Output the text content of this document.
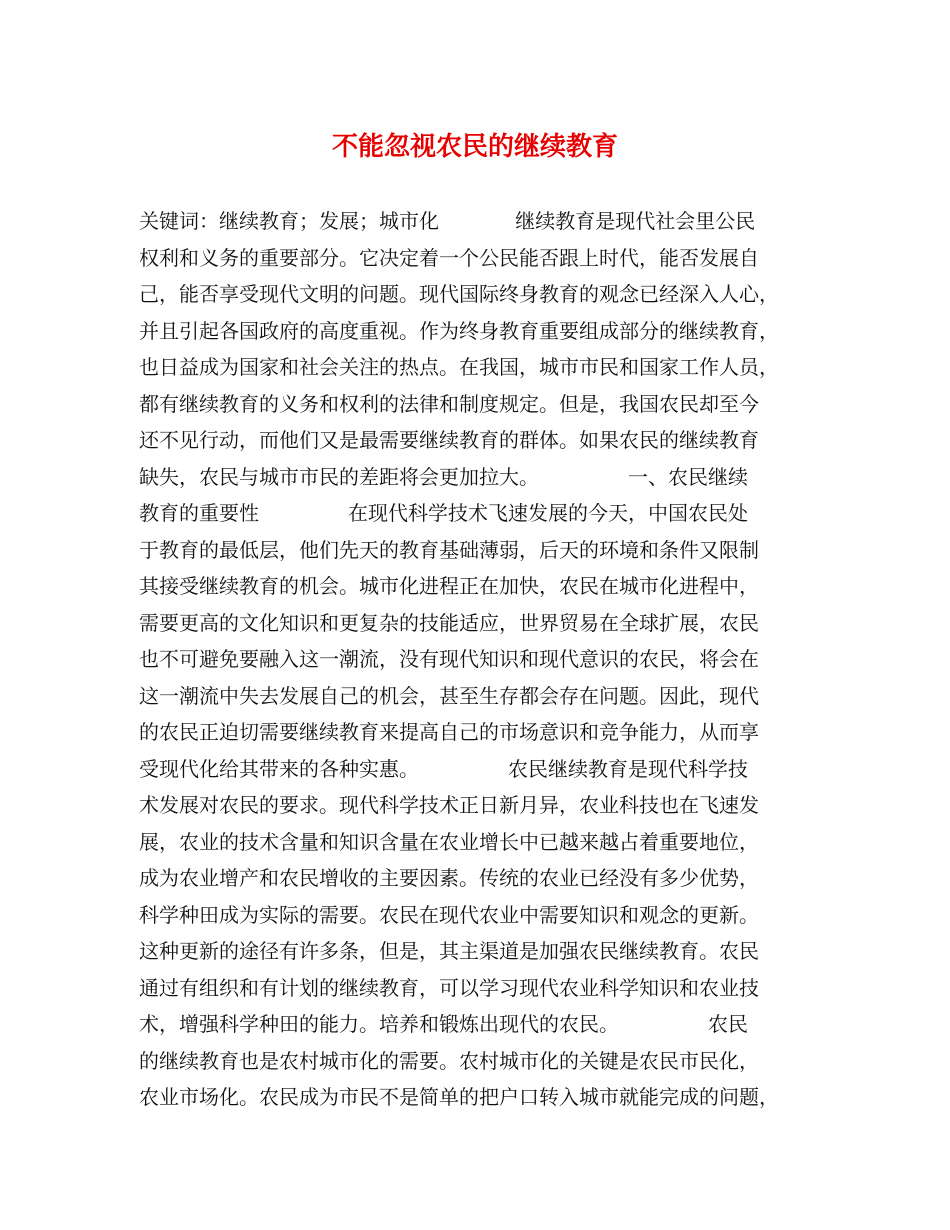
不能忽视农民的继续教育
关键词：继续教育；发展；城市化            继续教育是现代社会里公民
权利和义务的重要部分。它决定着一个公民能否跟上时代，能否发展自
己，能否享受现代文明的问题。现代国际终身教育的观念已经深入人心，
并且引起各国政府的高度重视。作为终身教育重要组成部分的继续教育，
也日益成为国家和社会关注的热点。在我国，城市市民和国家工作人员，
都有继续教育的义务和权利的法律和制度规定。但是，我国农民却至今
还不见行动，而他们又是最需要继续教育的群体。如果农民的继续教育
缺失，农民与城市市民的差距将会更加拉大。              一、农民继续
教育的重要性              在现代科学技术飞速发展的今天，中国农民处
于教育的最低层，他们先天的教育基础薄弱，后天的环境和条件又限制
其接受继续教育的机会。城市化进程正在加快，农民在城市化进程中，
需要更高的文化知识和更复杂的技能适应，世界贸易在全球扩展，农民
也不可避免要融入这一潮流，没有现代知识和现代意识的农民，将会在
这一潮流中失去发展自己的机会，甚至生存都会存在问题。因此，现代
的农民正迫切需要继续教育来提高自己的市场意识和竞争能力，从而享
受现代化给其带来的各种实惠。              农民继续教育是现代科学技
术发展对农民的要求。现代科学技术正日新月异，农业科技也在飞速发
展，农业的技术含量和知识含量在农业增长中已越来越占着重要地位，
成为农业增产和农民增收的主要因素。传统的农业已经没有多少优势，
科学种田成为实际的需要。农民在现代农业中需要知识和观念的更新。
这种更新的途径有许多条，但是，其主渠道是加强农民继续教育。农民
通过有组织和有计划的继续教育，可以学习现代农业科学知识和农业技
术，增强科学种田的能力。培养和锻炼出现代的农民。              农民
的继续教育也是农村城市化的需要。农村城市化的关键是农民市民化，
农业市场化。农民成为市民不是简单的把户口转入城市就能完成的问题，
